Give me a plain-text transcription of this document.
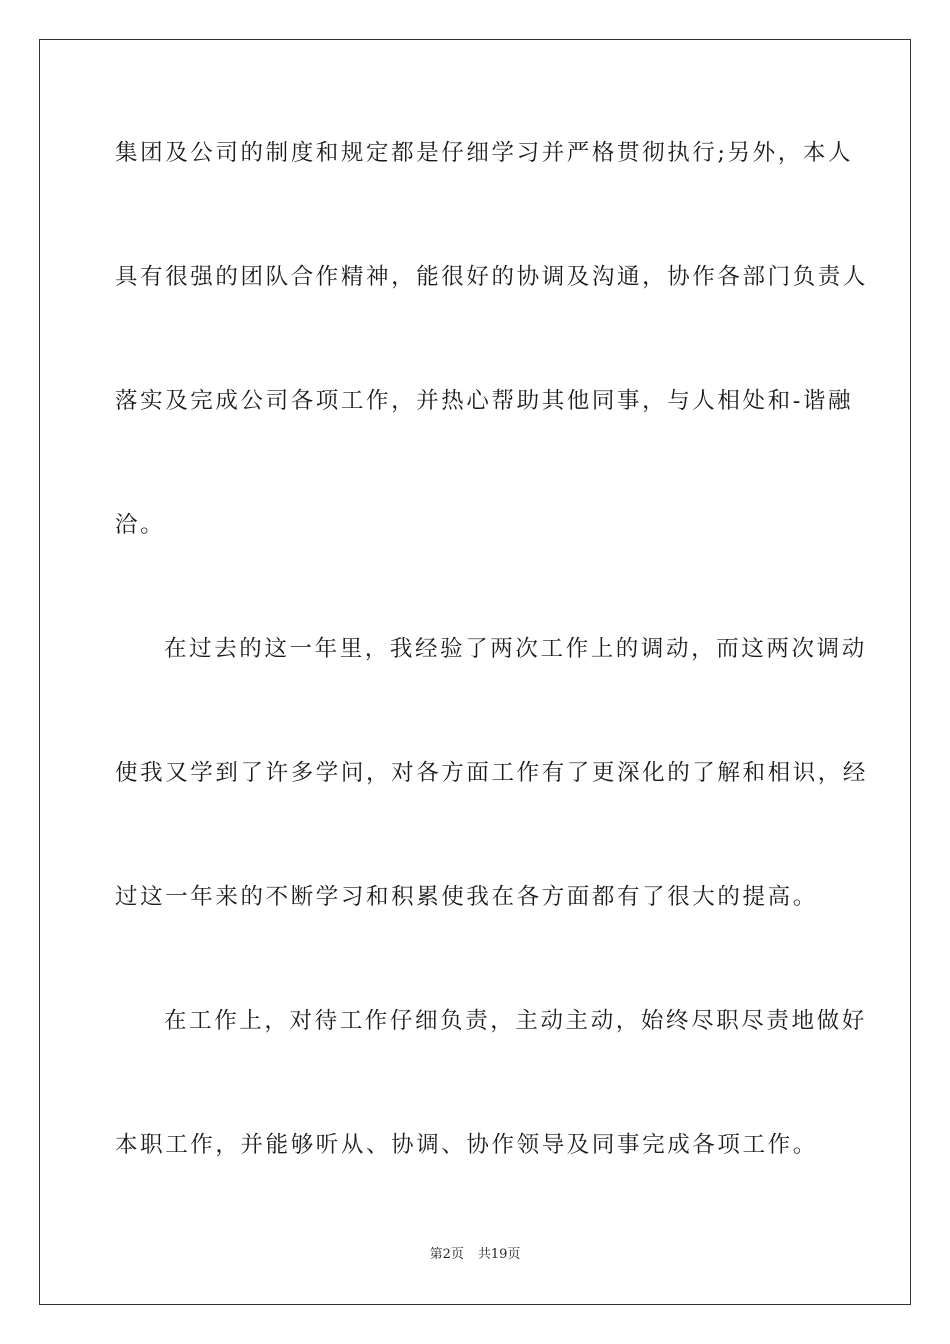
集团及公司的制度和规定都是仔细学习并严格贯彻执行;另外，本人
具有很强的团队合作精神，能很好的协调及沟通，协作各部门负责人
落实及完成公司各项工作，并热心帮助其他同事，与人相处和-谐融
洽。
在过去的这一年里，我经验了两次工作上的调动，而这两次调动
使我又学到了许多学问，对各方面工作有了更深化的了解和相识，经
过这一年来的不断学习和积累使我在各方面都有了很大的提高。
在工作上，对待工作仔细负责，主动主动，始终尽职尽责地做好
本职工作，并能够听从、协调、协作领导及同事完成各项工作。
第2页 共19页
